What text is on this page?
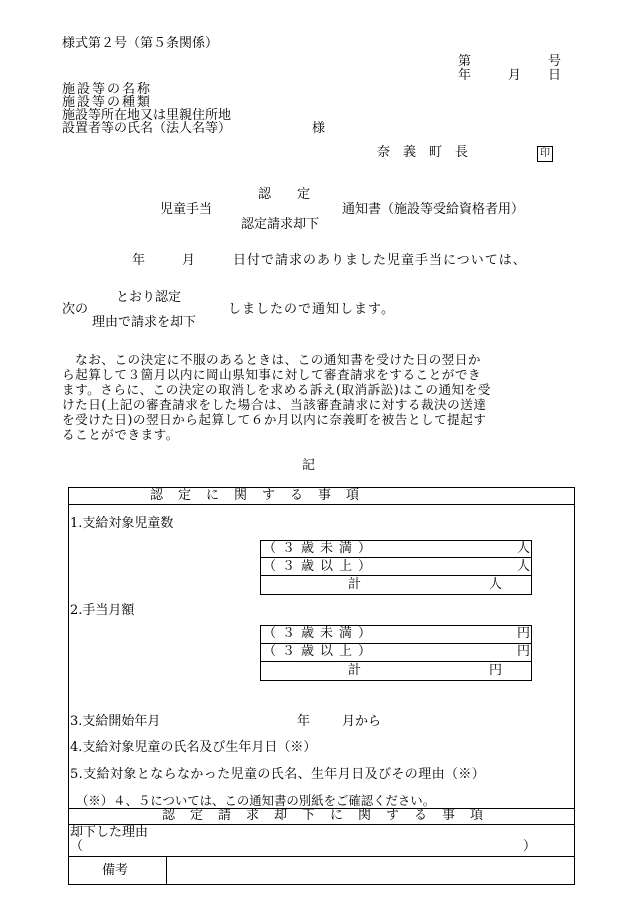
様式第２号（第５条関係）
第	号
年	月 日
施設等の名称
施設等の種類
施設等所在地又は里親住所地
設置者等の氏名（法人名等）	様
奈　義　町　長	印
認　　定
児童手当	通知書（施設等受給資格者用）
認定請求却下
年	月	日付で請求のありました児童手当については、
とおり認定
次の	しましたので通知します。
理由で請求を却下
　なお、この決定に不服のあるときは、この通知書を受けた日の翌日か
ら起算して３箇月以内に岡山県知事に対して審査請求をすることができ
ます。さらに、この決定の取消しを求める訴え(取消訴訟)はこの通知を受
けた日(上記の審査請求をした場合は、当該審査請求に対する裁決の送達
を受けた日)の翌日から起算して６か月以内に奈義町を被告として提起す
ることができます。
記
認　定　に　関　す　る　事　項
1.支給対象児童数
（３歳未満）	人
（３歳以上）	人
計	人
2.手当月額
（３歳未満）	円
（３歳以上）	円
計	円
3.支給開始年月	年 月から
4.支給対象児童の氏名及び生年月日（※）
5.支給対象とならなかった児童の氏名、生年月日及びその理由（※）
（※）４、５については、この通知書の別紙をご確認ください。
認　定　請　求　却　下　に　関　す　る　事　項
却下した理由
（	）
備考
